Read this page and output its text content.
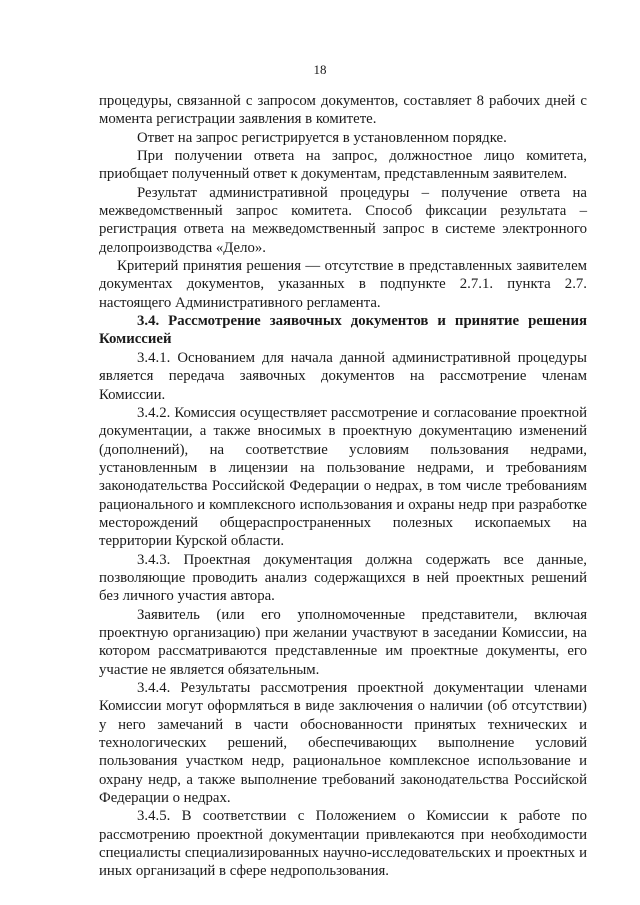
18

процедуры, связанной с запросом документов, составляет 8 рабочих дней с момента регистрации заявления в комитете.

Ответ на запрос регистрируется в установленном порядке.

При получении ответа на запрос, должностное лицо комитета, приобщает полученный ответ к документам, представленным заявителем.

Результат административной процедуры – получение ответа на межведомственный запрос комитета. Способ фиксации результата – регистрация ответа на межведомственный запрос в системе электронного делопроизводства «Дело».

Критерий принятия решения — отсутствие в представленных заявителем документах документов, указанных в подпункте 2.7.1. пункта 2.7. настоящего Административного регламента.

3.4. Рассмотрение заявочных документов и принятие решения Комиссией

3.4.1. Основанием для начала данной административной процедуры является передача заявочных документов на рассмотрение членам Комиссии.

3.4.2. Комиссия осуществляет рассмотрение и согласование проектной документации, а также вносимых в проектную документацию изменений (дополнений), на соответствие условиям пользования недрами, установленным в лицензии на пользование недрами, и требованиям законодательства Российской Федерации о недрах, в том числе требованиям рационального и комплексного использования и охраны недр при разработке месторождений общераспространенных полезных ископаемых на территории Курской области.

3.4.3. Проектная документация должна содержать все данные, позволяющие проводить анализ содержащихся в ней проектных решений без личного участия автора.

Заявитель (или его уполномоченные представители, включая проектную организацию) при желании участвуют в заседании Комиссии, на котором рассматриваются представленные им проектные документы, его участие не является обязательным.

3.4.4. Результаты рассмотрения проектной документации членами Комиссии могут оформляться в виде заключения о наличии (об отсутствии) у него замечаний в части обоснованности принятых технических и технологических решений, обеспечивающих выполнение условий пользования участком недр, рациональное комплексное использование и охрану недр, а также выполнение требований законодательства Российской Федерации о недрах.

3.4.5. В соответствии с Положением о Комиссии к работе по рассмотрению проектной документации привлекаются при необходимости специалисты специализированных научно-исследовательских и проектных и иных организаций в сфере недропользования.
